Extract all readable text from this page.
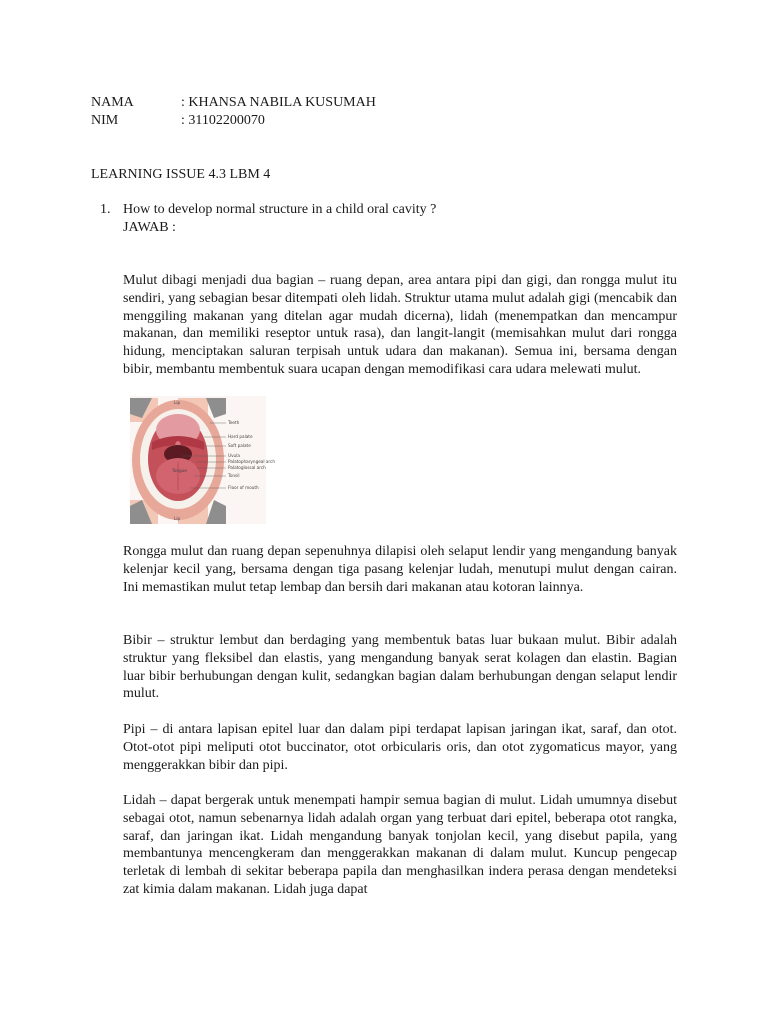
NAMA	: KHANSA NABILA KUSUMAH
NIM	: 31102200070
LEARNING ISSUE 4.3 LBM 4
1. How to develop normal structure in a child oral cavity ?
JAWAB :

Mulut dibagi menjadi dua bagian – ruang depan, area antara pipi dan gigi, dan rongga mulut itu sendiri, yang sebagian besar ditempati oleh lidah. Struktur utama mulut adalah gigi (mencabik dan menggiling makanan yang ditelan agar mudah dicerna), lidah (menempatkan dan mencampur makanan, dan memiliki reseptor untuk rasa), dan langit-langit (memisahkan mulut dari rongga hidung, menciptakan saluran terpisah untuk udara dan makanan). Semua ini, bersama dengan bibir, membantu membentuk suara ucapan dengan memodifikasi cara udara melewati mulut.

Tongue
Lip
Lip
Teeth
Hard palate
Soft palate
Uvula
Palatopharyngeal arch
Palatoglossal arch
Tonsil
Floor of mouth

Rongga mulut dan ruang depan sepenuhnya dilapisi oleh selaput lendir yang mengandung banyak kelenjar kecil yang, bersama dengan tiga pasang kelenjar ludah, menutupi mulut dengan cairan. Ini memastikan mulut tetap lembap dan bersih dari makanan atau kotoran lainnya.

Bibir – struktur lembut dan berdaging yang membentuk batas luar bukaan mulut. Bibir adalah struktur yang fleksibel dan elastis, yang mengandung banyak serat kolagen dan elastin. Bagian luar bibir berhubungan dengan kulit, sedangkan bagian dalam berhubungan dengan selaput lendir mulut.

Pipi – di antara lapisan epitel luar dan dalam pipi terdapat lapisan jaringan ikat, saraf, dan otot. Otot-otot pipi meliputi otot buccinator, otot orbicularis oris, dan otot zygomaticus mayor, yang menggerakkan bibir dan pipi.

Lidah – dapat bergerak untuk menempati hampir semua bagian di mulut. Lidah umumnya disebut sebagai otot, namun sebenarnya lidah adalah organ yang terbuat dari epitel, beberapa otot rangka, saraf, dan jaringan ikat. Lidah mengandung banyak tonjolan kecil, yang disebut papila, yang membantunya mencengkeram dan menggerakkan makanan di dalam mulut. Kuncup pengecap terletak di lembah di sekitar beberapa papila dan menghasilkan indera perasa dengan mendeteksi zat kimia dalam makanan. Lidah juga dapat
